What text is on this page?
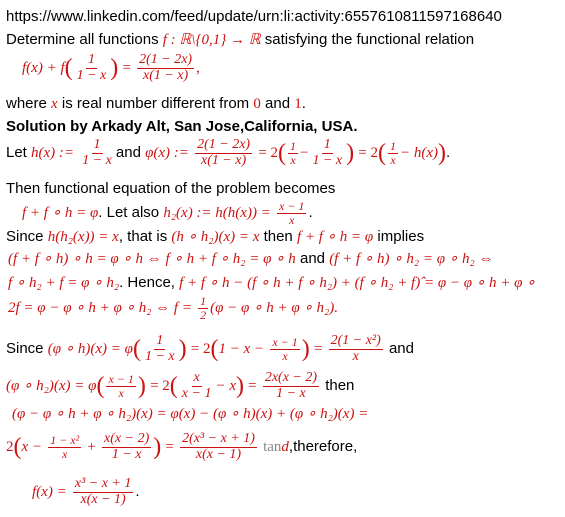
https://www.linkedin.com/feed/update/urn:li:activity:6557610811597168640
Determine all functions f : ℝ\{0,1} → ℝ satisfying the functional relation
$f(x) + f( \frac{1}{1 - x}$ ) = $\frac{2(1 - 2x)}{x(1 - x)}$ ,
where x is real number different from 0 and 1.
Solution by Arkady Alt, San Jose,California, USA.
Let h(x) := $\frac{1}{1 - x}$ and φ(x) := $\frac{2(1 - 2x)}{x(1 - x)} = 2( \frac{1}{x} - \frac{1}{1 - x}$ ) = $2( \frac{1}{x} - h(x))$.
Then functional equation of the problem becomes
f + f ∘ h = φ. Let also h₂(x) := $h(h(x)) = \frac{x - 1}{x}$ .
Since h(h₂(x)) = x, that is (h ∘ h₂)(x) = x then f + f ∘ h = φ implies
(f + f ∘ h) ∘ h = φ ∘ h ⇔ f ∘ h + f ∘ h₂ = φ ∘ h and (f + f ∘ h) ∘ h₂ = φ ∘ h₂ ⇔
f ∘ h₂ + f = φ ∘ h₂. Hence, f + f ∘ h − (f ∘ h + f ∘ h₂) + (f ∘ h₂ + f)̂ = φ − φ ∘ h + φ ∘
2f = φ − φ ∘ h + φ ∘ h₂ ⇔ $f = \frac{1}{2} (\varphi - \varphi$ ∘ h + φ ∘ h₂).
Since (φ ∘ $h)(x) = \varphi( \frac{1}{1 - x}$ ) = $2(1 - x - \frac{x - 1}{x}$ ) = $\frac{\text{2(1 − x²)}}{x}$ and
(φ ∘ $h_2)(x) = \varphi( \frac{x - 1}{x}$ ) = $2( \frac{x}{x - 1} - x) = \frac{2x(x - 2)}{1 - x}$ then
(φ − φ ∘ h + φ ∘ h₂)(x) = φ(x) − (φ ∘ h)(x) + (φ ∘ h₂)(x) =
$2(x - \frac{\text{1 − x²}}{x} + \frac{x(x - 2)}{1 - x}$ ) = $\frac{\text{2(x³ − x + 1)}}{x(x - 1)}$ tand,therefore,
$f(x) = \frac{\text{x³ − x + 1}}{x(x - 1)}$ .
